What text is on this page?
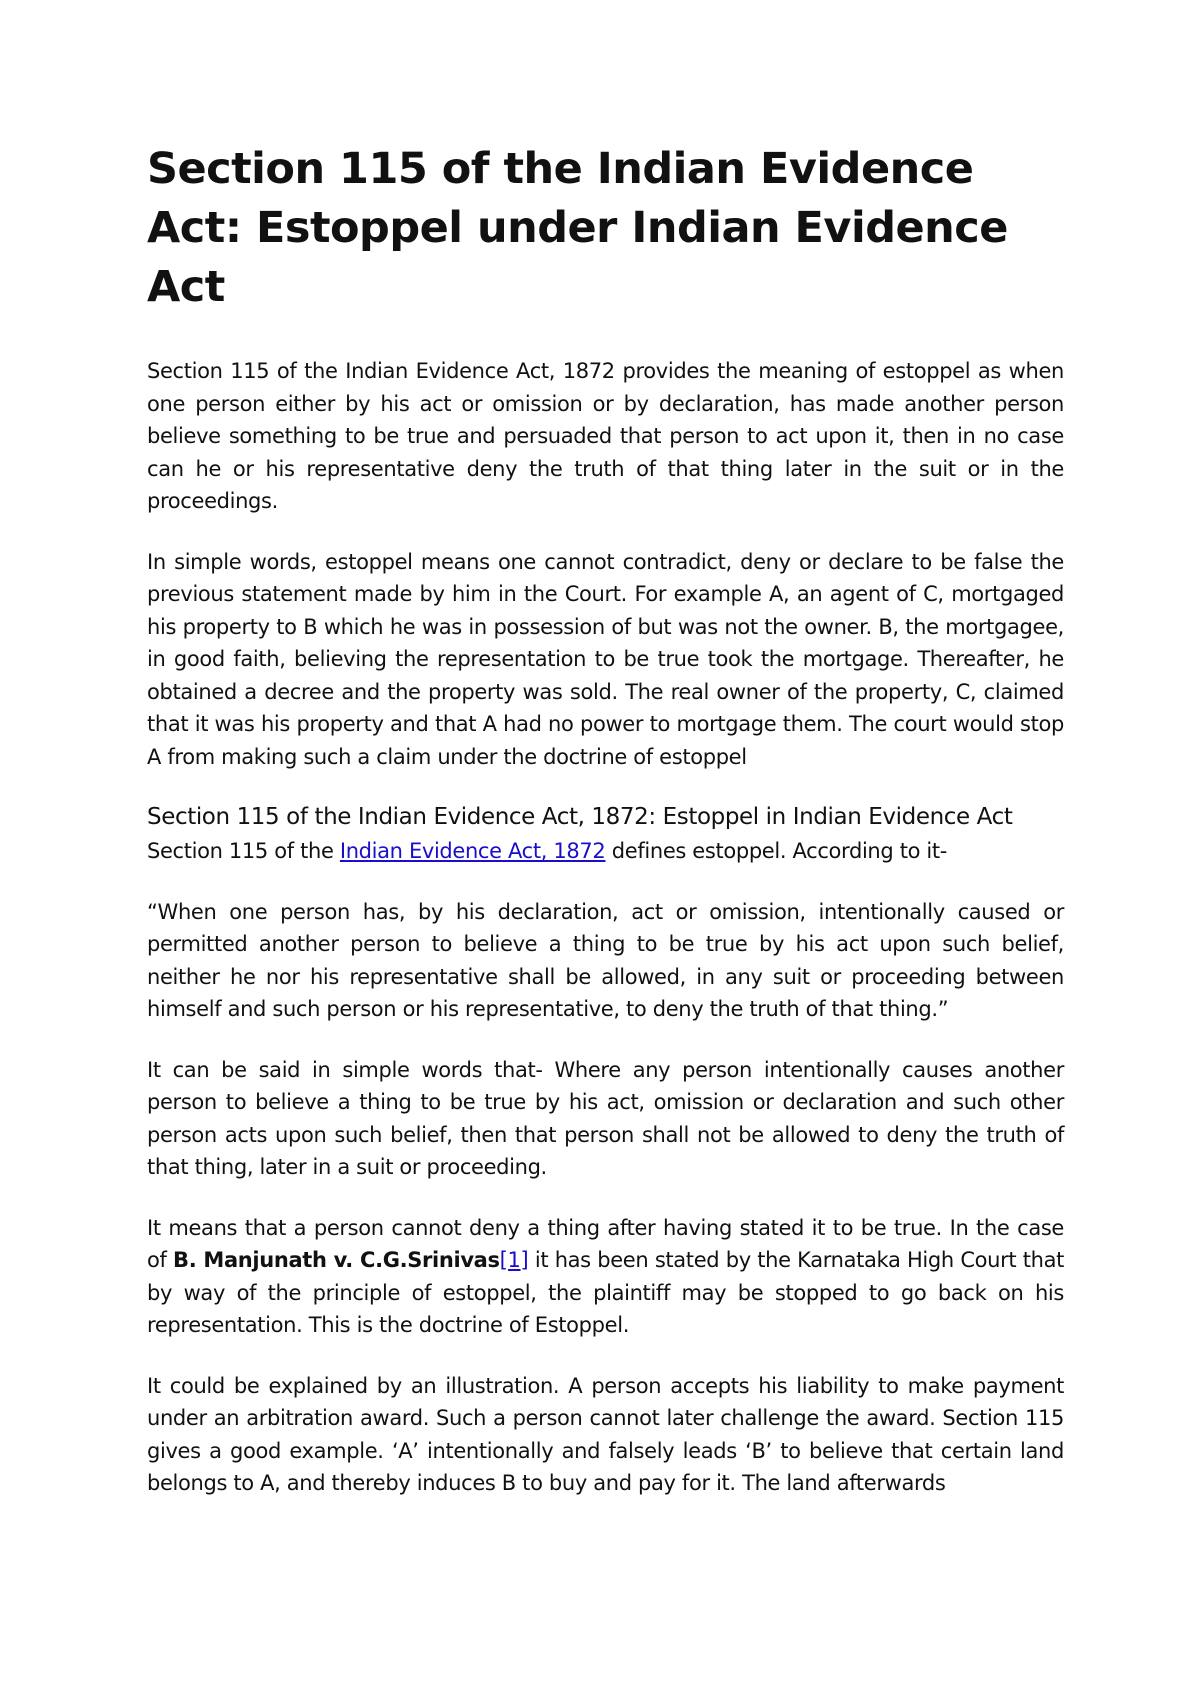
Section 115 of the Indian Evidence Act: Estoppel under Indian Evidence Act

Section 115 of the Indian Evidence Act, 1872 provides the meaning of estoppel as when one person either by his act or omission or by declaration, has made another person believe something to be true and persuaded that person to act upon it, then in no case can he or his representative deny the truth of that thing later in the suit or in the proceedings.

In simple words, estoppel means one cannot contradict, deny or declare to be false the previous statement made by him in the Court. For example A, an agent of C, mortgaged his property to B which he was in possession of but was not the owner. B, the mortgagee, in good faith, believing the representation to be true took the mortgage. Thereafter, he obtained a decree and the property was sold. The real owner of the property, C, claimed that it was his property and that A had no power to mortgage them. The court would stop A from making such a claim under the doctrine of estoppel

Section 115 of the Indian Evidence Act, 1872: Estoppel in Indian Evidence Act

Section 115 of the Indian Evidence Act, 1872 defines estoppel. According to it-

“When one person has, by his declaration, act or omission, intentionally caused or permitted another person to believe a thing to be true by his act upon such belief, neither he nor his representative shall be allowed, in any suit or proceeding between himself and such person or his representative, to deny the truth of that thing.”

It can be said in simple words that- Where any person intentionally causes another person to believe a thing to be true by his act, omission or declaration and such other person acts upon such belief, then that person shall not be allowed to deny the truth of that thing, later in a suit or proceeding.

It means that a person cannot deny a thing after having stated it to be true. In the case of B. Manjunath v. C.G.Srinivas[1] it has been stated by the Karnataka High Court that by way of the principle of estoppel, the plaintiff may be stopped to go back on his representation. This is the doctrine of Estoppel.

It could be explained by an illustration. A person accepts his liability to make payment under an arbitration award. Such a person cannot later challenge the award. Section 115 gives a good example. ‘A’ intentionally and falsely leads ‘B’ to believe that certain land belongs to A, and thereby induces B to buy and pay for it. The land afterwards
